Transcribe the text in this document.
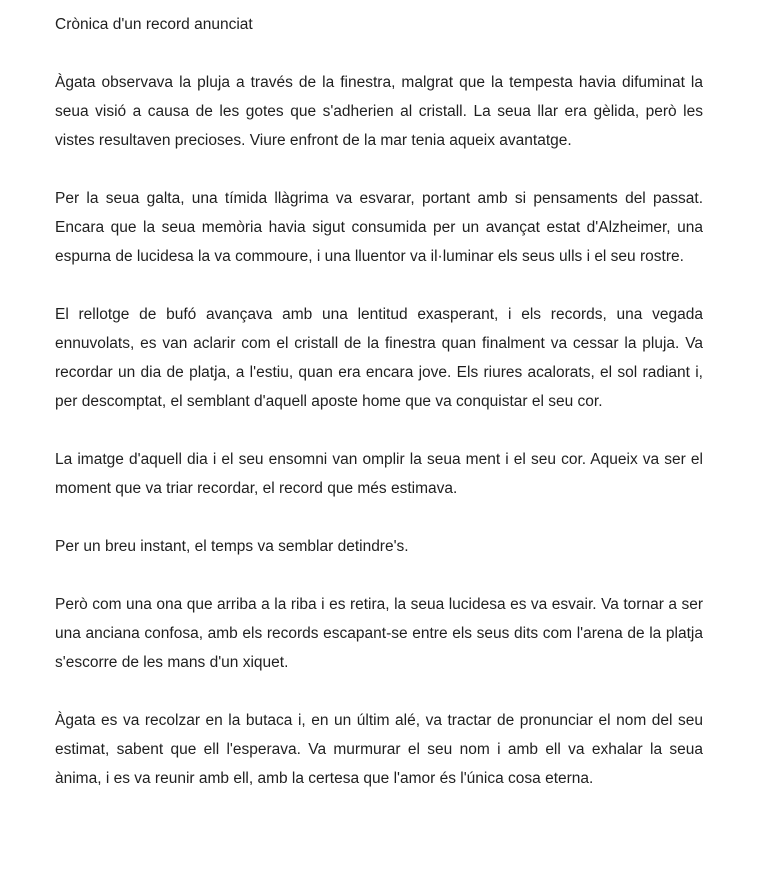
Crònica d'un record anunciat

Àgata observava la pluja a través de la finestra, malgrat que la tempesta havia difuminat la seua visió a causa de les gotes que s'adherien al cristall. La seua llar era gèlida, però les vistes resultaven precioses. Viure enfront de la mar tenia aqueix avantatge.

Per la seua galta, una tímida llàgrima va esvarar, portant amb si pensaments del passat. Encara que la seua memòria havia sigut consumida per un avançat estat d'Alzheimer, una espurna de lucidesa la va commoure, i una lluentor va il·luminar els seus ulls i el seu rostre.

El rellotge de bufó avançava amb una lentitud exasperant, i els records, una vegada ennuvolats, es van aclarir com el cristall de la finestra quan finalment va cessar la pluja. Va recordar un dia de platja, a l'estiu, quan era encara jove. Els riures acalorats, el sol radiant i, per descomptat, el semblant d'aquell aposte home que va conquistar el seu cor.

La imatge d'aquell dia i el seu ensomni van omplir la seua ment i el seu cor. Aqueix va ser el moment que va triar recordar, el record que més estimava.

Per un breu instant, el temps va semblar detindre's.

Però com una ona que arriba a la riba i es retira, la seua lucidesa es va esvair. Va tornar a ser una anciana confosa, amb els records escapant-se entre els seus dits com l'arena de la platja s'escorre de les mans d'un xiquet.

Àgata es va recolzar en la butaca i, en un últim alé, va tractar de pronunciar el nom del seu estimat, sabent que ell l'esperava. Va murmurar el seu nom i amb ell va exhalar la seua ànima, i es va reunir amb ell, amb la certesa que l'amor és l'única cosa eterna.
